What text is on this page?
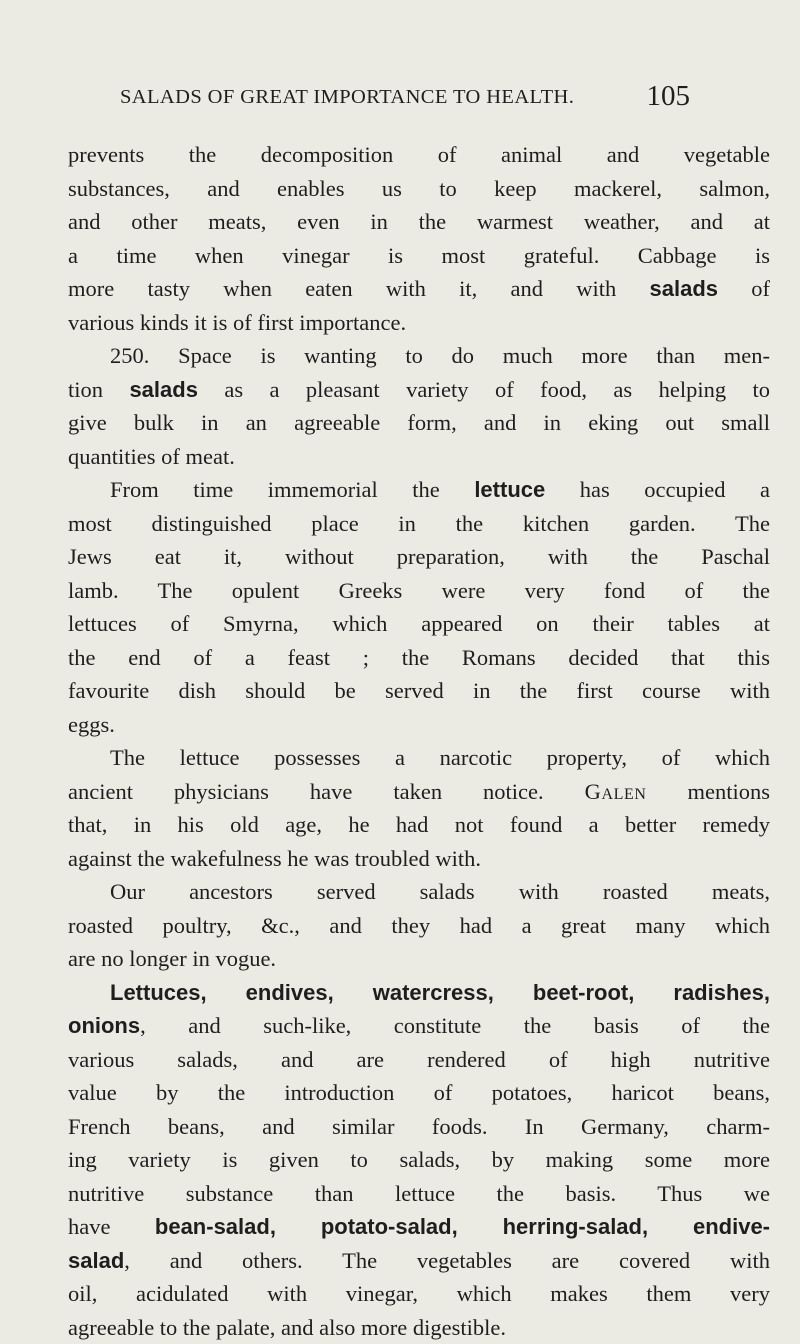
SALADS OF GREAT IMPORTANCE TO HEALTH. 105
prevents the decomposition of animal and vegetable
substances, and enables us to keep mackerel, salmon,
and other meats, even in the warmest weather, and at
a time when vinegar is most grateful. Cabbage is
more tasty when eaten with it, and with salads of
various kinds it is of first importance.
250. Space is wanting to do much more than men-
tion salads as a pleasant variety of food, as helping to
give bulk in an agreeable form, and in eking out small
quantities of meat.
From time immemorial the lettuce has occupied a
most distinguished place in the kitchen garden. The
Jews eat it, without preparation, with the Paschal
lamb. The opulent Greeks were very fond of the
lettuces of Smyrna, which appeared on their tables at
the end of a feast ; the Romans decided that this
favourite dish should be served in the first course with
eggs.
The lettuce possesses a narcotic property, of which
ancient physicians have taken notice. Galen mentions
that, in his old age, he had not found a better remedy
against the wakefulness he was troubled with.
Our ancestors served salads with roasted meats,
roasted poultry, &c., and they had a great many which
are no longer in vogue.
Lettuces, endives, watercress, beet-root, radishes,
onions, and such-like, constitute the basis of the
various salads, and are rendered of high nutritive
value by the introduction of potatoes, haricot beans,
French beans, and similar foods. In Germany, charm-
ing variety is given to salads, by making some more
nutritive substance than lettuce the basis. Thus we
have bean-salad, potato-salad, herring-salad, endive-
salad, and others. The vegetables are covered with
oil, acidulated with vinegar, which makes them very
agreeable to the palate, and also more digestible.
